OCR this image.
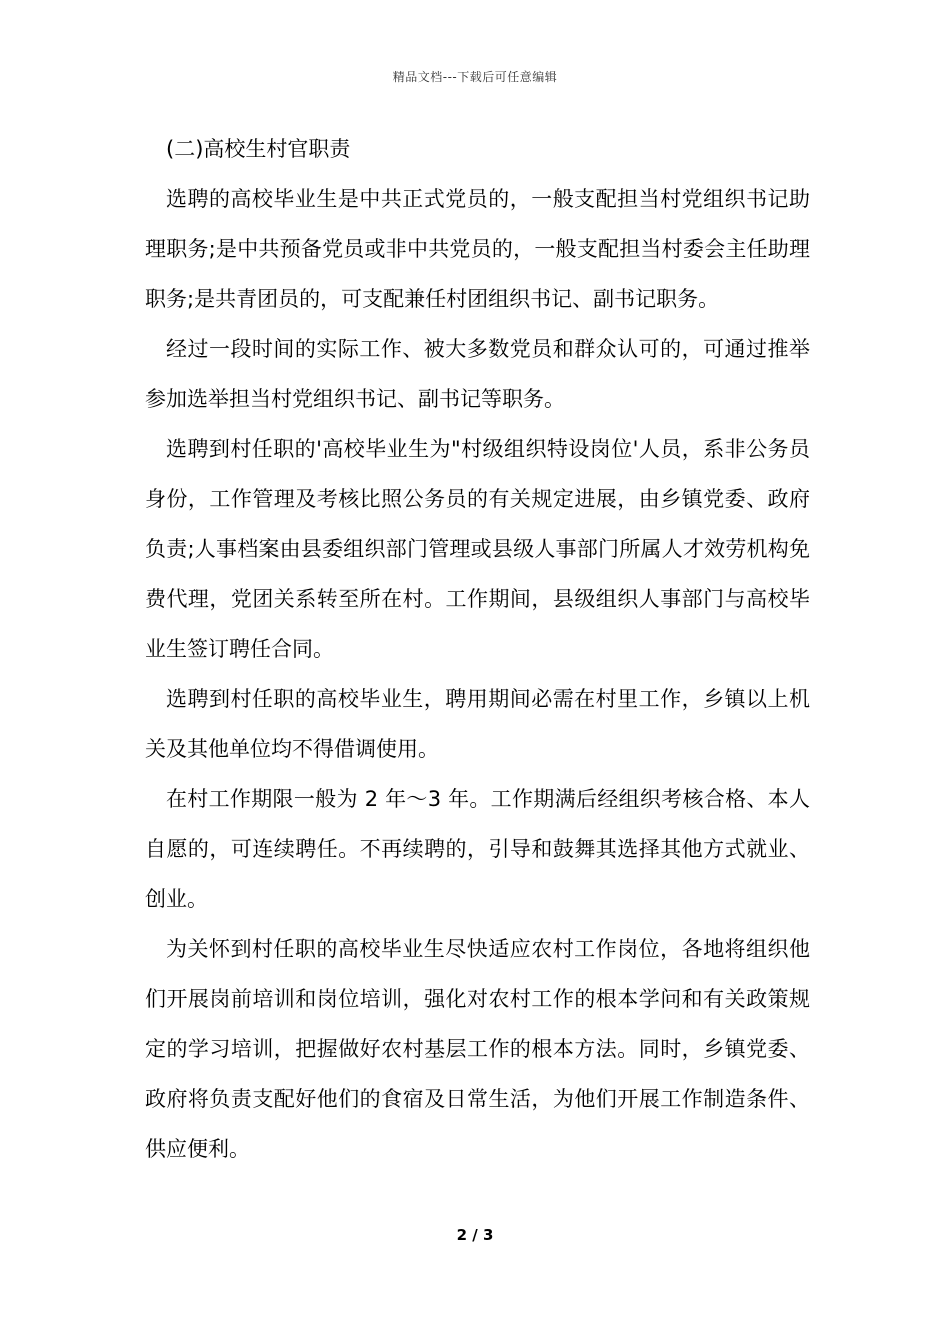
精品文档---下载后可任意编辑
(二)高校生村官职责

选聘的高校毕业生是中共正式党员的，一般支配担当村党组织书记助理职务;是中共预备党员或非中共党员的，一般支配担当村委会主任助理职务;是共青团员的，可支配兼任村团组织书记、副书记职务。

经过一段时间的实际工作、被大多数党员和群众认可的，可通过推举参加选举担当村党组织书记、副书记等职务。

选聘到村任职的'高校毕业生为"村级组织特设岗位'人员，系非公务员身份，工作管理及考核比照公务员的有关规定进展，由乡镇党委、政府负责;人事档案由县委组织部门管理或县级人事部门所属人才效劳机构免费代理，党团关系转至所在村。工作期间，县级组织人事部门与高校毕业生签订聘任合同。

选聘到村任职的高校毕业生，聘用期间必需在村里工作，乡镇以上机关及其他单位均不得借调使用。

在村工作期限一般为 2 年～3 年。工作期满后经组织考核合格、本人自愿的，可连续聘任。不再续聘的，引导和鼓舞其选择其他方式就业、创业。

为关怀到村任职的高校毕业生尽快适应农村工作岗位，各地将组织他们开展岗前培训和岗位培训，强化对农村工作的根本学问和有关政策规定的学习培训，把握做好农村基层工作的根本方法。同时，乡镇党委、政府将负责支配好他们的食宿及日常生活，为他们开展工作制造条件、供应便利。

2 / 3
